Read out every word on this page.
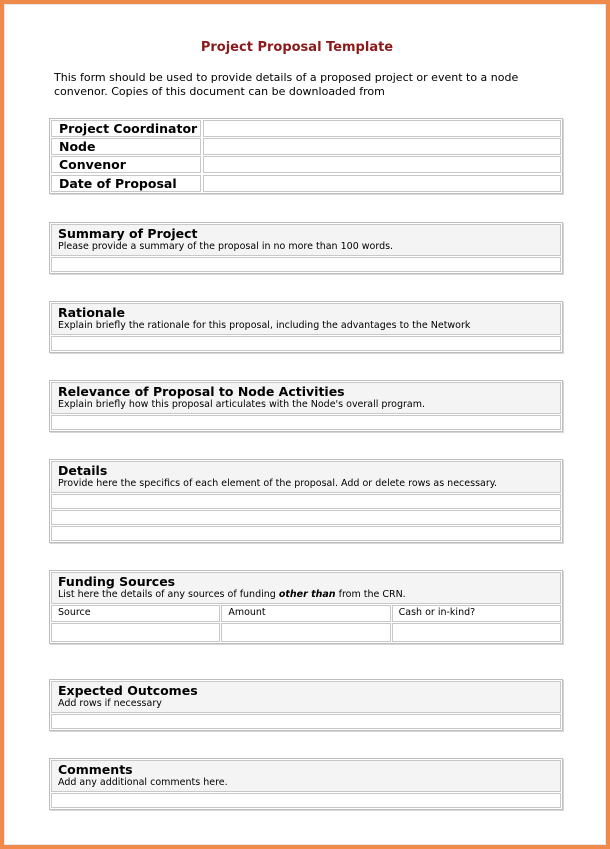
Project Proposal Template
This form should be used to provide details of a proposed project or event to a node convenor. Copies of this document can be downloaded from
Project Coordinator
Node
Convenor
Date of Proposal
Summary of Project
Please provide a summary of the proposal in no more than 100 words.
Rationale
Explain briefly the rationale for this proposal, including the advantages to the Network
Relevance of Proposal to Node Activities
Explain briefly how this proposal articulates with the Node's overall program.
Details
Provide here the specifics of each element of the proposal. Add or delete rows as necessary.
Funding Sources
List here the details of any sources of funding other than from the CRN.
Source	Amount	Cash or in-kind?
Expected Outcomes
Add rows if necessary
Comments
Add any additional comments here.
